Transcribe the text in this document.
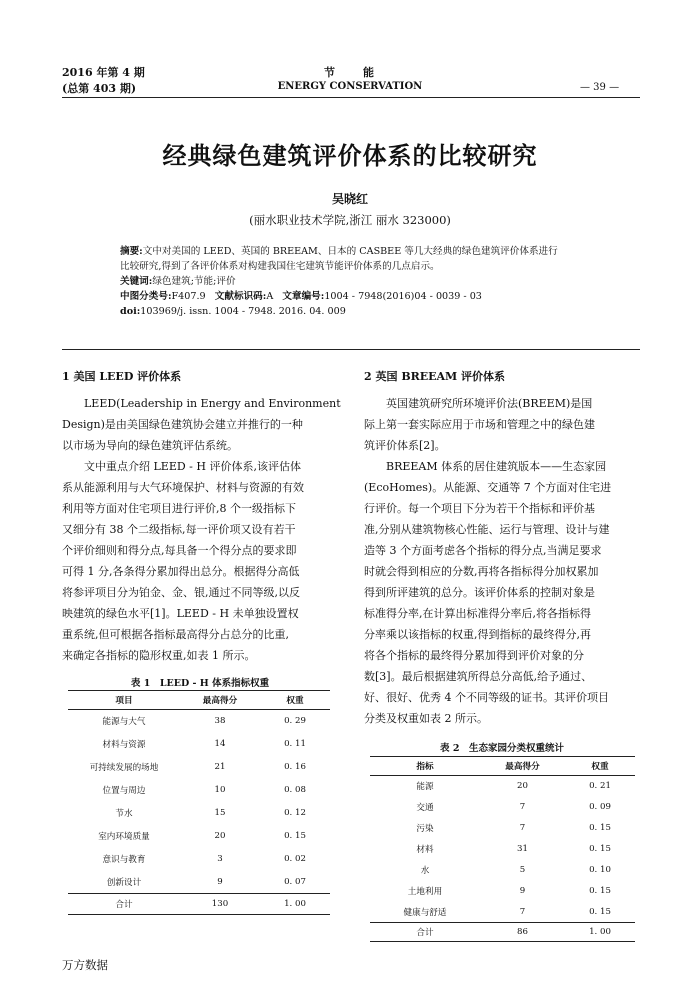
2016 年第 4 期
(总第 403 期)
节　　能
ENERGY CONSERVATION	— 39 —
经典绿色建筑评价体系的比较研究
吴晓红
(丽水职业技术学院,浙江 丽水 323000)
摘要:文中对美国的 LEED、英国的 BREEAM、日本的 CASBEE 等几大经典的绿色建筑评价体系进行
比较研究,得到了各评价体系对构建我国住宅建筑节能评价体系的几点启示。
关键词:绿色建筑;节能;评价
中图分类号:F407.9 文献标识码:A 文章编号:1004 - 7948(2016)04 - 0039 - 03
doi:103969/j. issn. 1004 - 7948. 2016. 04. 009
1 美国 LEED 评价体系
LEED(Leadership in Energy and Environment
Design)是由美国绿色建筑协会建立并推行的一种
以市场为导向的绿色建筑评估系统。
文中重点介绍 LEED - H 评价体系,该评估体
系从能源利用与大气环境保护、材料与资源的有效
利用等方面对住宅项目进行评价,8 个一级指标下
又细分有 38 个二级指标,每一评价项又设有若干
个评价细则和得分点,每具备一个得分点的要求即
可得 1 分,各条得分累加得出总分。根据得分高低
将参评项目分为铂金、金、银,通过不同等级,以反
映建筑的绿色水平[1]。LEED - H 未单独设置权
重系统,但可根据各指标最高得分占总分的比重,
来确定各指标的隐形权重,如表 1 所示。
表 1　LEED - H 体系指标权重
项目	最高得分	权重
能源与大气	38	0. 29
材料与资源	14	0. 11
可持续发展的场地	21	0. 16
位置与周边	10	0. 08
节水	15	0. 12
室内环境质量	20	0. 15
意识与教育	3	0. 02
创新设计	9	0. 07
合计	130	1. 00
2 英国 BREEAM 评价体系
英国建筑研究所环境评价法(BREEM)是国
际上第一套实际应用于市场和管理之中的绿色建
筑评价体系[2]。
BREEAM 体系的居住建筑版本——生态家园
(EcoHomes)。从能源、交通等 7 个方面对住宅进
行评价。每一个项目下分为若干个指标和评价基
准,分别从建筑物核心性能、运行与管理、设计与建
造等 3 个方面考虑各个指标的得分点,当满足要求
时就会得到相应的分数,再将各指标得分加权累加
得到所评建筑的总分。该评价体系的控制对象是
标准得分率,在计算出标准得分率后,将各指标得
分率乘以该指标的权重,得到指标的最终得分,再
将各个指标的最终得分累加得到评价对象的分
数[3]。最后根据建筑所得总分高低,给予通过、
好、很好、优秀 4 个不同等级的证书。其评价项目
分类及权重如表 2 所示。
表 2　生态家园分类权重统计
指标	最高得分	权重
能源	20	0. 21
交通	7	0. 09
污染	7	0. 15
材料	31	0. 15
水	5	0. 10
土地利用	9	0. 15
健康与舒适	7	0. 15
合计	86	1. 00
万方数据
